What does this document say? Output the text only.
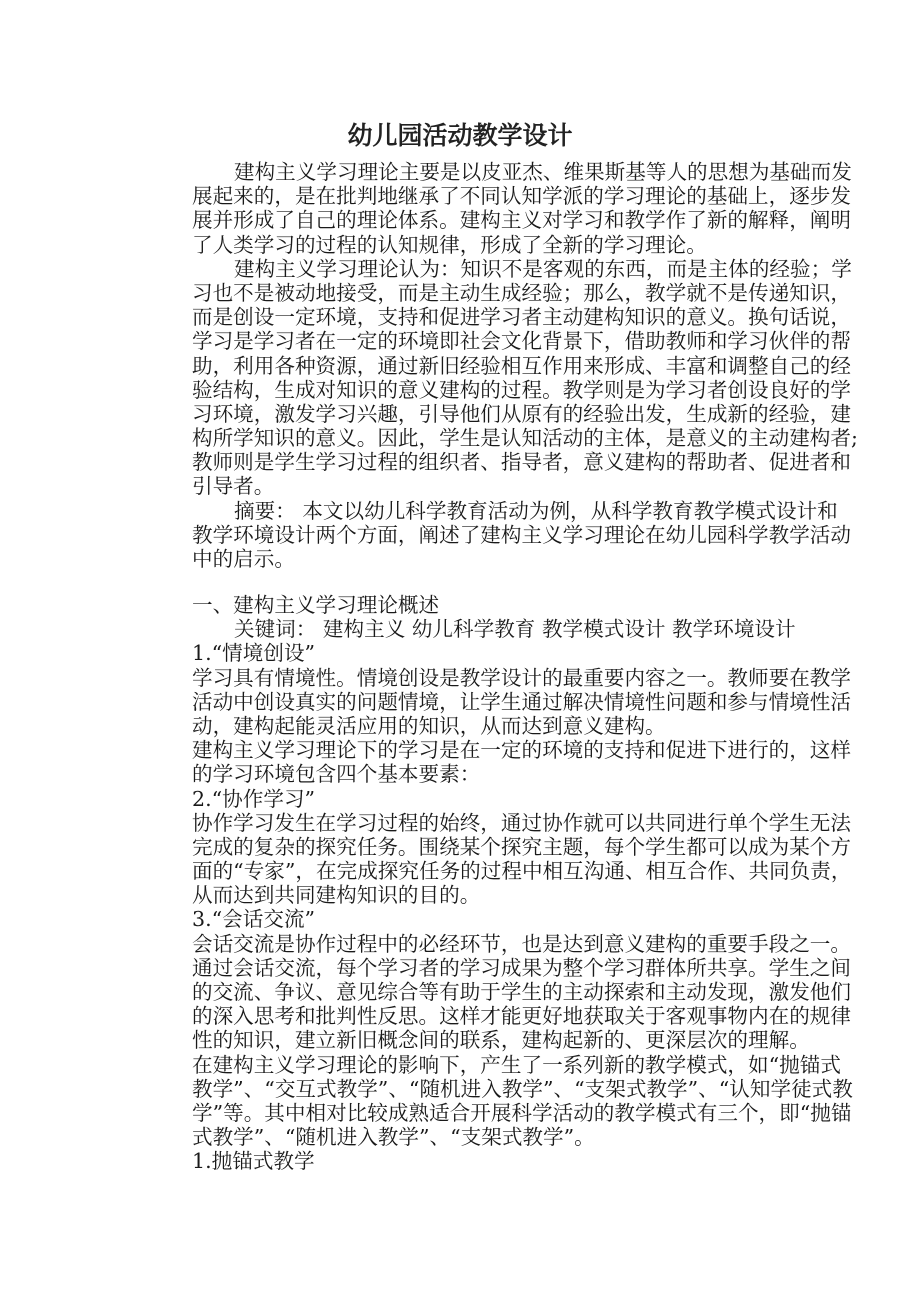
幼儿园活动教学设计
建构主义学习理论主要是以皮亚杰、维果斯基等人的思想为基础而发
展起来的，是在批判地继承了不同认知学派的学习理论的基础上，逐步发
展并形成了自己的理论体系。建构主义对学习和教学作了新的解释，阐明
了人类学习的过程的认知规律，形成了全新的学习理论。
建构主义学习理论认为：知识不是客观的东西，而是主体的经验；学
习也不是被动地接受，而是主动生成经验；那么，教学就不是传递知识，
而是创设一定环境，支持和促进学习者主动建构知识的意义。换句话说，
学习是学习者在一定的环境即社会文化背景下，借助教师和学习伙伴的帮
助，利用各种资源，通过新旧经验相互作用来形成、丰富和调整自己的经
验结构，生成对知识的意义建构的过程。教学则是为学习者创设良好的学
习环境，激发学习兴趣，引导他们从原有的经验出发，生成新的经验，建
构所学知识的意义。因此，学生是认知活动的主体，是意义的主动建构者;
教师则是学生学习过程的组织者、指导者，意义建构的帮助者、促进者和
引导者。
摘要： 本文以幼儿科学教育活动为例，从科学教育教学模式设计和
教学环境设计两个方面，阐述了建构主义学习理论在幼儿园科学教学活动
中的启示。
一、建构主义学习理论概述
关键词： 建构主义 幼儿科学教育 教学模式设计 教学环境设计
1.“情境创设”
学习具有情境性。情境创设是教学设计的最重要内容之一。教师要在教学
活动中创设真实的问题情境，让学生通过解决情境性问题和参与情境性活
动，建构起能灵活应用的知识，从而达到意义建构。
建构主义学习理论下的学习是在一定的环境的支持和促进下进行的，这样
的学习环境包含四个基本要素：
2.“协作学习”
协作学习发生在学习过程的始终，通过协作就可以共同进行单个学生无法
完成的复杂的探究任务。围绕某个探究主题，每个学生都可以成为某个方
面的“专家”，在完成探究任务的过程中相互沟通、相互合作、共同负责，
从而达到共同建构知识的目的。
3.“会话交流”
会话交流是协作过程中的必经环节，也是达到意义建构的重要手段之一。
通过会话交流，每个学习者的学习成果为整个学习群体所共享。学生之间
的交流、争议、意见综合等有助于学生的主动探索和主动发现，激发他们
的深入思考和批判性反思。这样才能更好地获取关于客观事物内在的规律
性的知识，建立新旧概念间的联系，建构起新的、更深层次的理解。
在建构主义学习理论的影响下，产生了一系列新的教学模式，如“抛锚式
教学”、“交互式教学”、“随机进入教学”、“支架式教学”、“认知学徒式教
学”等。其中相对比较成熟适合开展科学活动的教学模式有三个，即“抛锚
式教学”、“随机进入教学”、“支架式教学”。
1.抛锚式教学
